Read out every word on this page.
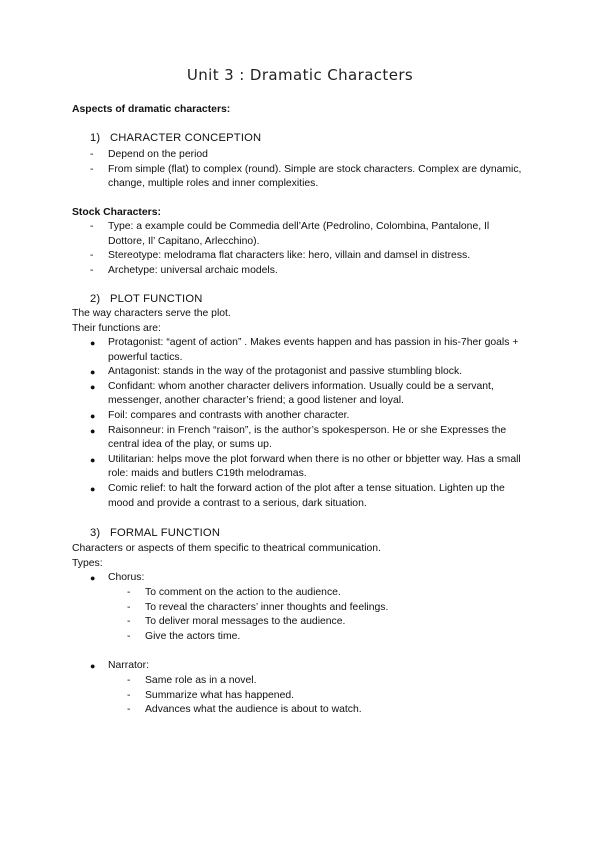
Unit 3 : Dramatic Characters
Aspects of dramatic characters:
1) CHARACTER CONCEPTION
- Depend on the period
- From simple (flat) to complex (round). Simple are stock characters. Complex are dynamic, change, multiple roles and inner complexities.
Stock Characters:
- Type: a example could be Commedia dell’Arte (Pedrolino, Colombina, Pantalone, Il Dottore, Il’ Capitano, Arlecchino).
- Stereotype: melodrama flat characters like: hero, villain and damsel in distress.
- Archetype: universal archaic models.
2) PLOT FUNCTION
The way characters serve the plot.
Their functions are:
● Protagonist: “agent of action” . Makes events happen and has passion in his-7her goals + powerful tactics.
● Antagonist: stands in the way of the protagonist and passive stumbling block.
● Confidant: whom another character delivers information. Usually could be a servant, messenger, another character’s friend; a good listener and loyal.
● Foil: compares and contrasts with another character.
● Raisonneur: in French “raison”, is the author’s spokesperson. He or she Expresses the central idea of the play, or sums up.
● Utilitarian: helps move the plot forward when there is no other or bbjetter way. Has a small role: maids and butlers C19th melodramas.
● Comic relief: to halt the forward action of the plot after a tense situation. Lighten up the mood and provide a contrast to a serious, dark situation.
3) FORMAL FUNCTION
Characters or aspects of them specific to theatrical communication.
Types:
● Chorus:
- To comment on the action to the audience.
- To reveal the characters’ inner thoughts and feelings.
- To deliver moral messages to the audience.
- Give the actors time.
● Narrator:
- Same role as in a novel.
- Summarize what has happened.
- Advances what the audience is about to watch.
